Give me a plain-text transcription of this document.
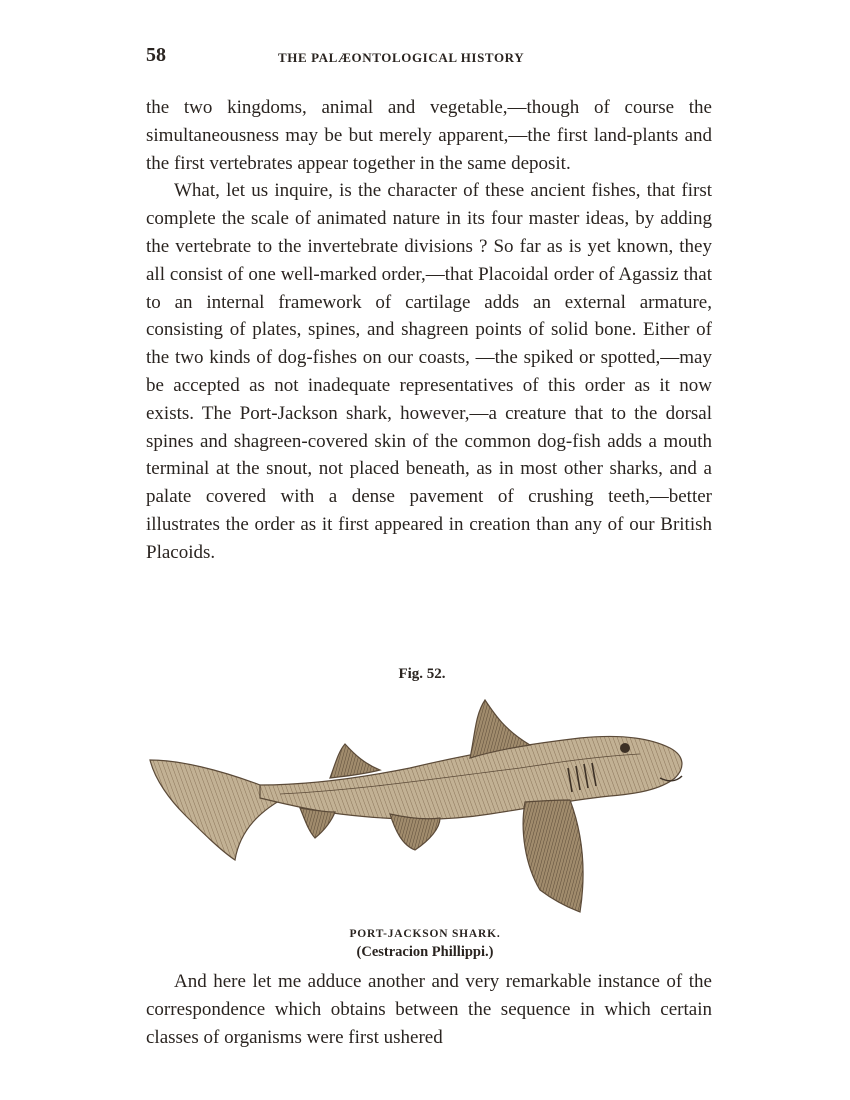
58	THE PALÆONTOLOGICAL HISTORY

the two kingdoms, animal and vegetable,—though of course the simultaneousness may be but merely apparent,—the first land-plants and the first vertebrates appear together in the same deposit.

What, let us inquire, is the character of these ancient fishes, that first complete the scale of animated nature in its four master ideas, by adding the vertebrate to the invertebrate divisions ? So far as is yet known, they all consist of one well-marked order,—that Placoidal order of Agassiz that to an internal framework of cartilage adds an external armature, consisting of plates, spines, and shagreen points of solid bone. Either of the two kinds of dog-fishes on our coasts, —the spiked or spotted,—may be accepted as not inadequate representatives of this order as it now exists. The Port-Jackson shark, however,—a creature that to the dorsal spines and shagreen-covered skin of the common dog-fish adds a mouth terminal at the snout, not placed beneath, as in most other sharks, and a palate covered with a dense pavement of crushing teeth,—better illustrates the order as it first appeared in creation than any of our British Placoids.

Fig. 52.
PORT-JACKSON SHARK.
(Cestracion Phillippi.)

And here let me adduce another and very remarkable instance of the correspondence which obtains between the sequence in which certain classes of organisms were first ushered
